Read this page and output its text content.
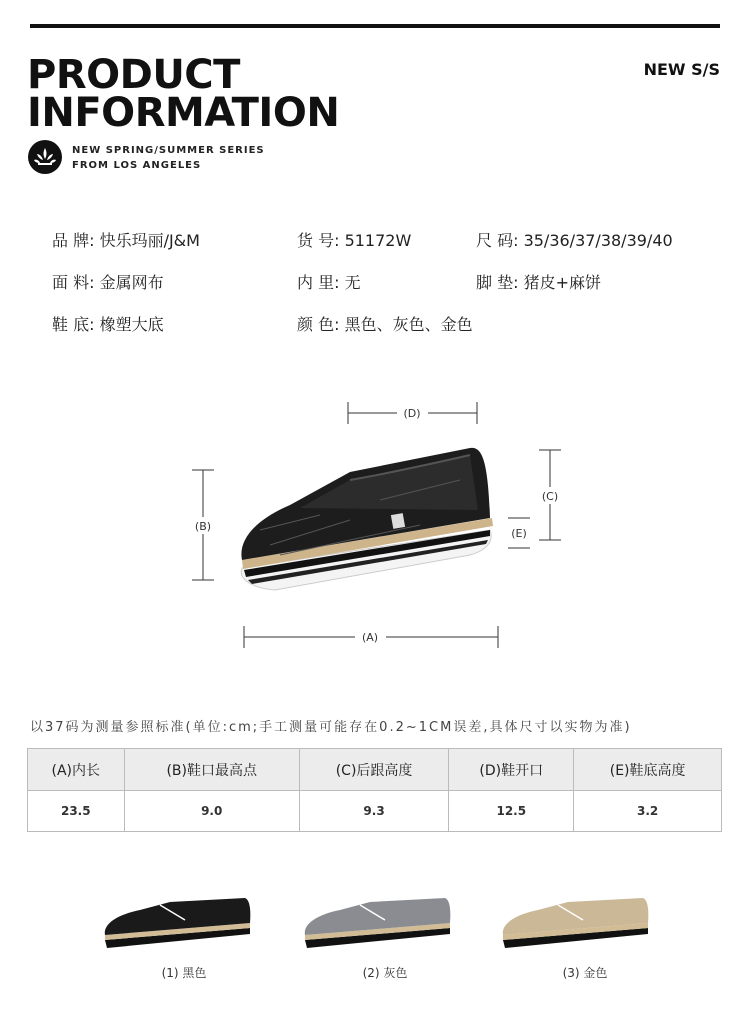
PRODUCT
INFORMATION
NEW S/S
NEW SPRING/SUMMER SERIES
FROM LOS ANGELES
品 牌: 快乐玛丽/J&M	货 号: 51172W	尺 码: 35/36/37/38/39/40
面 料: 金属网布	内 里: 无	脚 垫: 猪皮+麻饼
鞋 底: 橡塑大底	颜 色: 黑色、灰色、金色
(D)
(B)
(C)
(E)
(A)
以37码为测量参照标准(单位:cm;手工测量可能存在0.2~1CM误差,具体尺寸以实物为准)
(A)内长	(B)鞋口最高点	(C)后跟高度	(D)鞋开口	(E)鞋底高度
23.5	9.0	9.3	12.5	3.2
(1) 黑色	(2) 灰色	(3) 金色
